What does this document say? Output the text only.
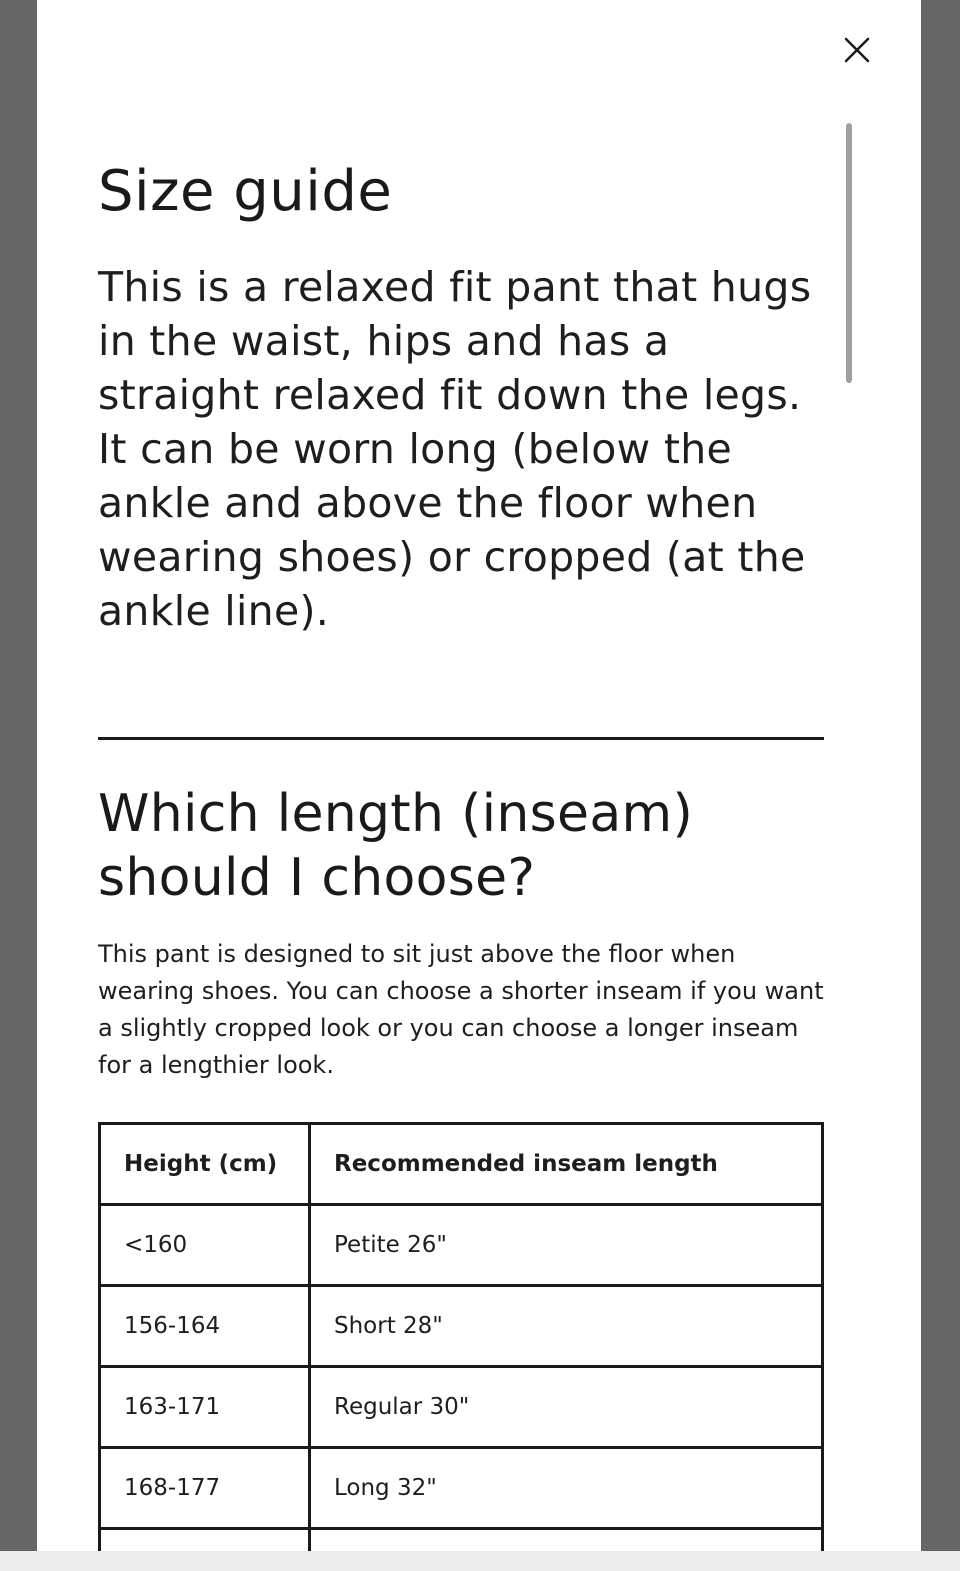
Size guide

This is a relaxed fit pant that hugs in the waist, hips and has a straight relaxed fit down the legs. It can be worn long (below the ankle and above the floor when wearing shoes) or cropped (at the ankle line).

Which length (inseam) should I choose?

This pant is designed to sit just above the floor when wearing shoes. You can choose a shorter inseam if you want a slightly cropped look or you can choose a longer inseam for a lengthier look.

Height (cm)	Recommended inseam length
<160	Petite 26"
156-164	Short 28"
163-171	Regular 30"
168-177	Long 32"
